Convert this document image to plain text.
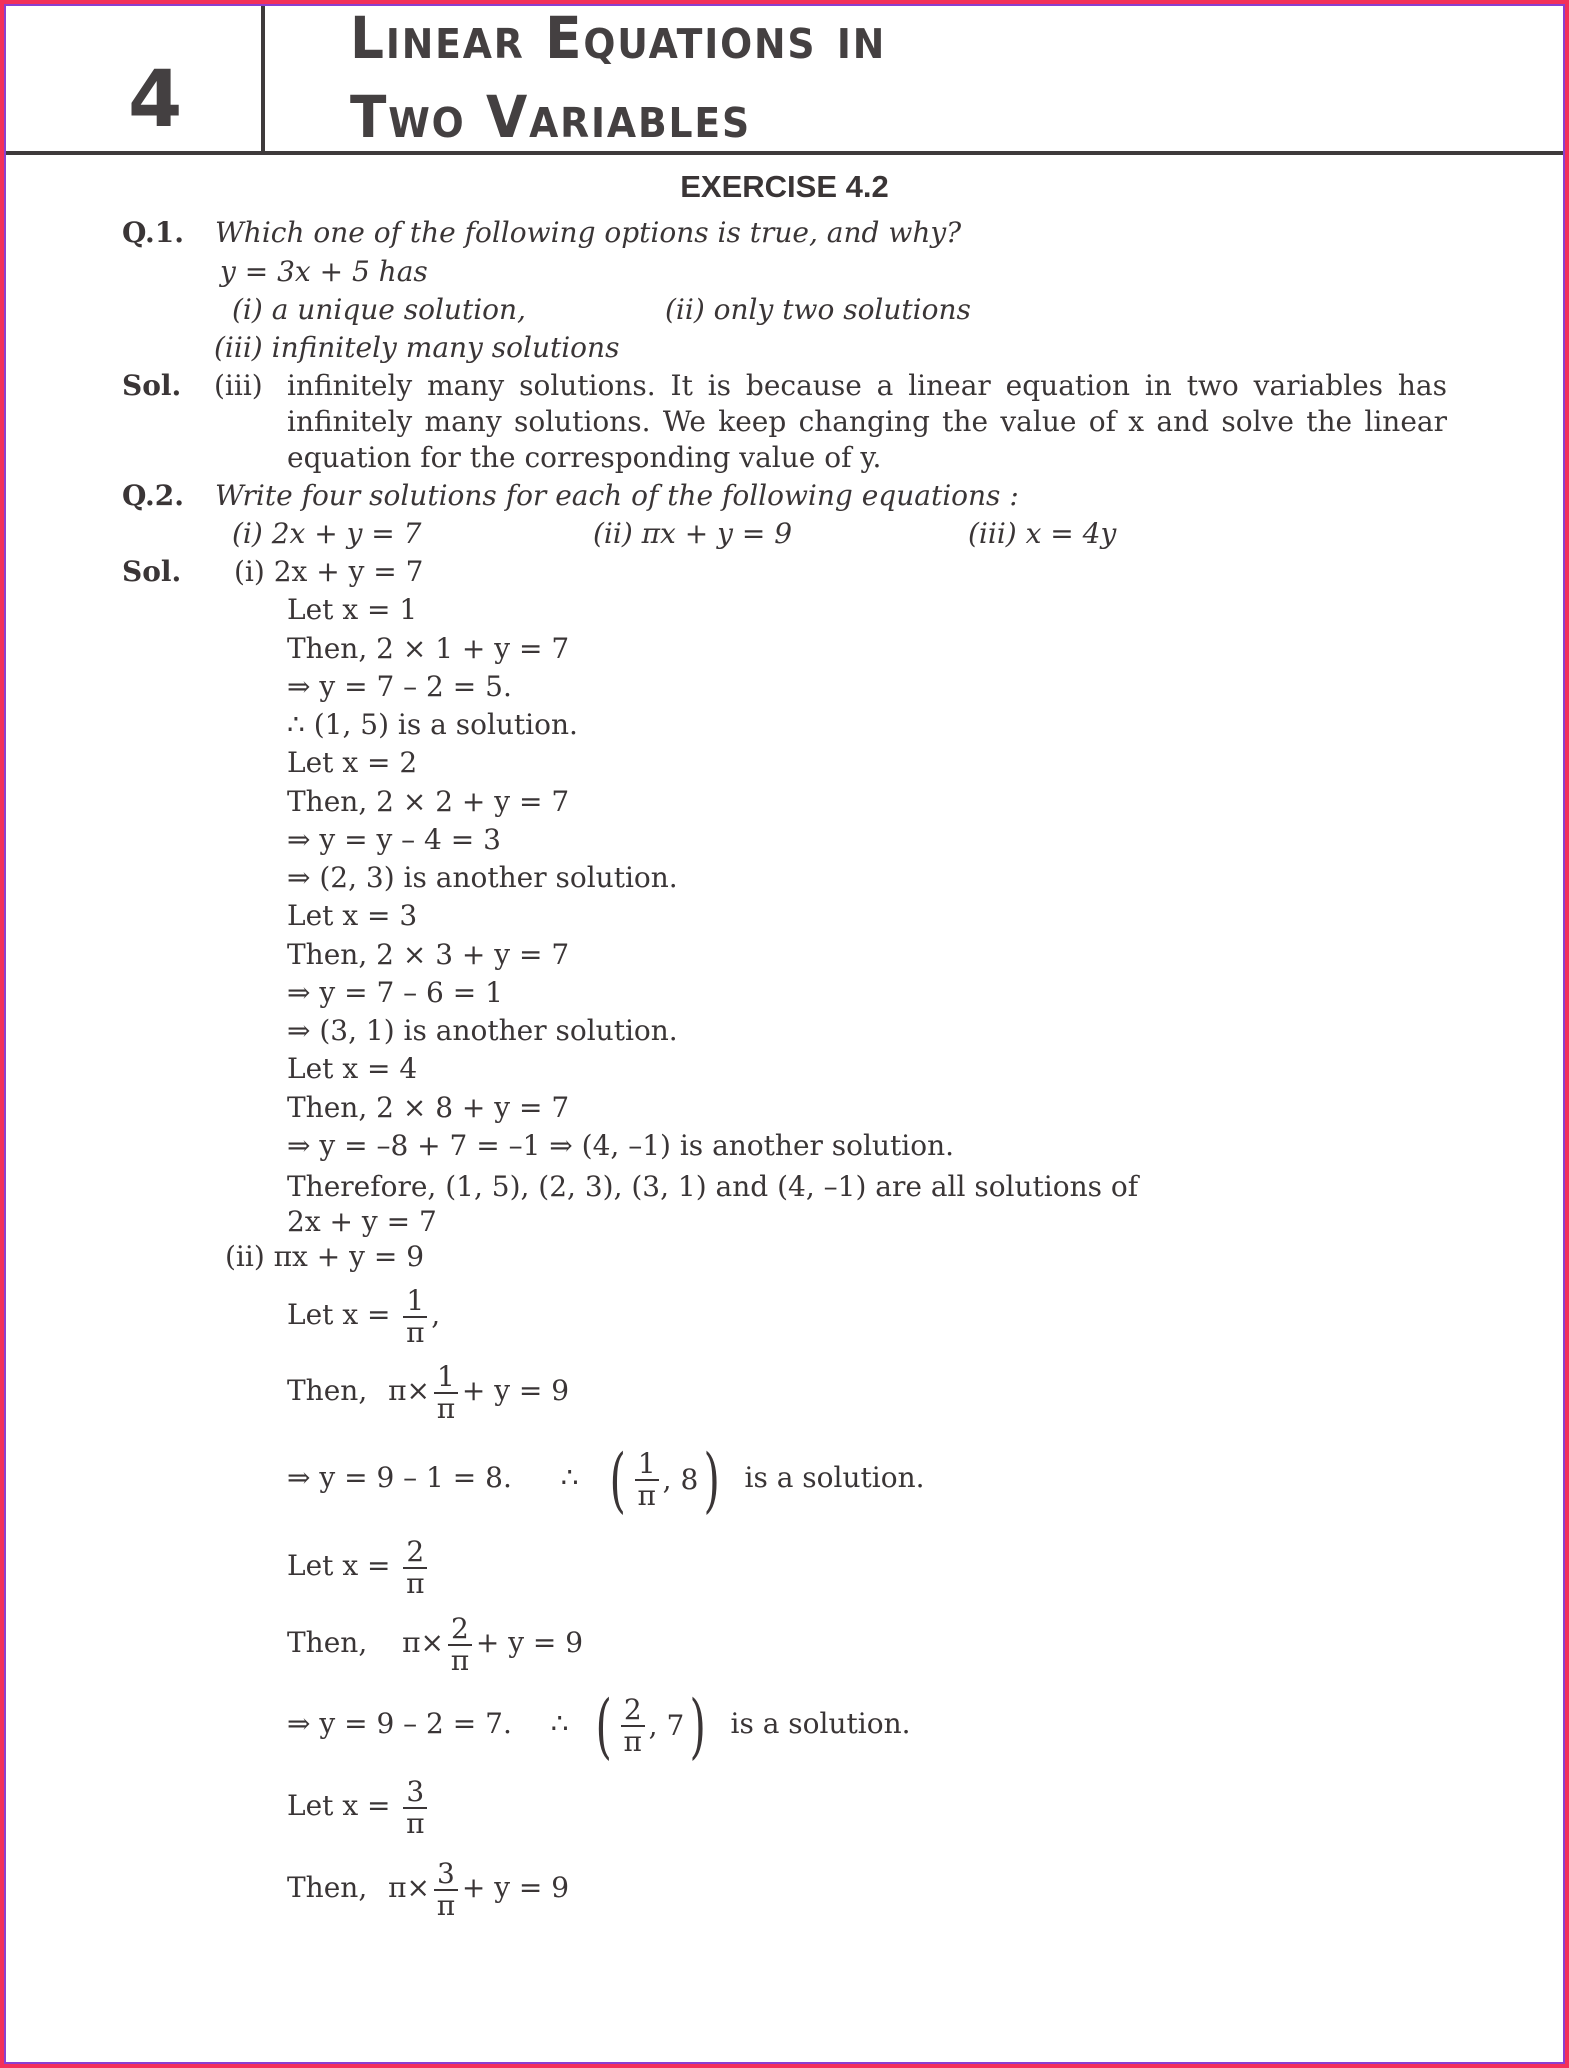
4
Linear Equations in
Two Variables
EXERCISE 4.2
Q.1. Which one of the following options is true, and why?
y = 3x + 5 has
(i) a unique solution,	(ii) only two solutions
(iii) infinitely many solutions
Sol. (iii) infinitely many solutions. It is because a linear equation in two variables has infinitely many solutions. We keep changing the value of x and solve the linear equation for the corresponding value of y.
Q.2. Write four solutions for each of the following equations :
(i) 2x + y = 7	(ii) πx + y = 9	(iii) x = 4y
Sol. (i) 2x + y = 7
Let x = 1
Then, 2 × 1 + y = 7
⇒ y = 7 – 2 = 5.
∴ (1, 5) is a solution.
Let x = 2
Then, 2 × 2 + y = 7
⇒ y = y – 4 = 3
⇒ (2, 3) is another solution.
Let x = 3
Then, 2 × 3 + y = 7
⇒ y = 7 – 6 = 1
⇒ (3, 1) is another solution.
Let x = 4
Then, 2 × 8 + y = 7
⇒ y = –8 + 7 = –1 ⇒ (4, –1) is another solution.
Therefore, (1, 5), (2, 3), (3, 1) and (4, –1) are all solutions of
2x + y = 7
(ii) πx + y = 9
Let $x = \frac{1}{\pi}$ ,
Then, $\pi\times \frac{1}{\pi} + y = 9$
⇒ y = 9 – 1 = 8. ∴ ( $\frac{1}{\pi}$ , 8 ) is a solution.
Let $x = \frac{2}{\pi}$
Then, $\pi\times \frac{2}{\pi} + y = 9$
⇒ y = 9 – 2 = 7. ∴ ( $\frac{2}{\pi}$ , 7 ) is a solution.
Let $x = \frac{3}{\pi}$
Then, $\pi\times \frac{3}{\pi} + y = 9$
